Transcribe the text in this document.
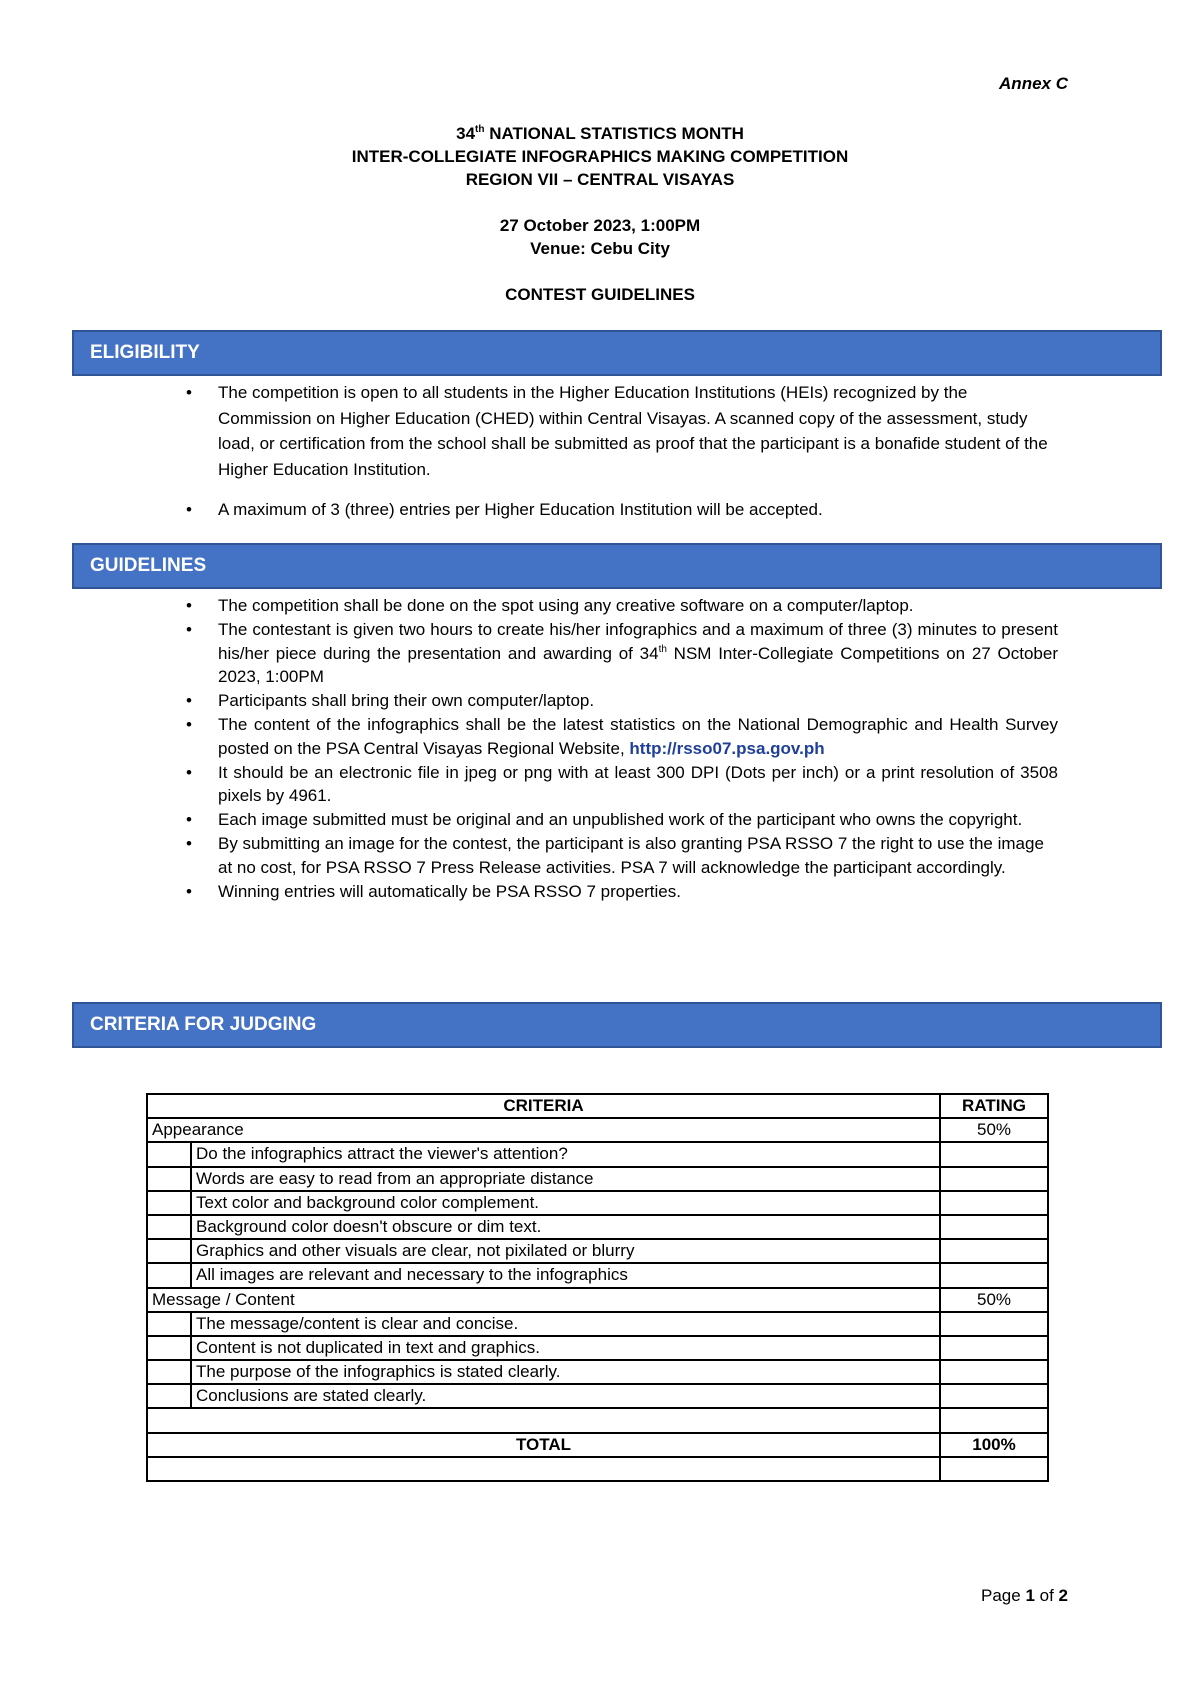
Annex C
34th NATIONAL STATISTICS MONTH
INTER-COLLEGIATE INFOGRAPHICS MAKING COMPETITION
REGION VII – CENTRAL VISAYAS
27 October 2023, 1:00PM
Venue: Cebu City
CONTEST GUIDELINES
ELIGIBILITY
• The competition is open to all students in the Higher Education Institutions (HEIs) recognized by the Commission on Higher Education (CHED) within Central Visayas. A scanned copy of the assessment, study load, or certification from the school shall be submitted as proof that the participant is a bonafide student of the Higher Education Institution.
• A maximum of 3 (three) entries per Higher Education Institution will be accepted.
GUIDELINES
• The competition shall be done on the spot using any creative software on a computer/laptop.
• The contestant is given two hours to create his/her infographics and a maximum of three (3) minutes to present his/her piece during the presentation and awarding of 34th NSM Inter-Collegiate Competitions on 27 October 2023, 1:00PM
• Participants shall bring their own computer/laptop.
• The content of the infographics shall be the latest statistics on the National Demographic and Health Survey posted on the PSA Central Visayas Regional Website, http://rsso07.psa.gov.ph
• It should be an electronic file in jpeg or png with at least 300 DPI (Dots per inch) or a print resolution of 3508 pixels by 4961.
• Each image submitted must be original and an unpublished work of the participant who owns the copyright.
• By submitting an image for the contest, the participant is also granting PSA RSSO 7 the right to use the image at no cost, for PSA RSSO 7 Press Release activities. PSA 7 will acknowledge the participant accordingly.
• Winning entries will automatically be PSA RSSO 7 properties.
CRITERIA FOR JUDGING
CRITERIA		RATING
Appearance		50%
	Do the infographics attract the viewer's attention?	
	Words are easy to read from an appropriate distance	
	Text color and background color complement.	
	Background color doesn't obscure or dim text.	
	Graphics and other visuals are clear, not pixilated or blurry	
	All images are relevant and necessary to the infographics	
Message / Content		50%
	The message/content is clear and concise.	
	Content is not duplicated in text and graphics.	
	The purpose of the infographics is stated clearly.	
	Conclusions are stated clearly.	

TOTAL		100%

Page 1 of 2
